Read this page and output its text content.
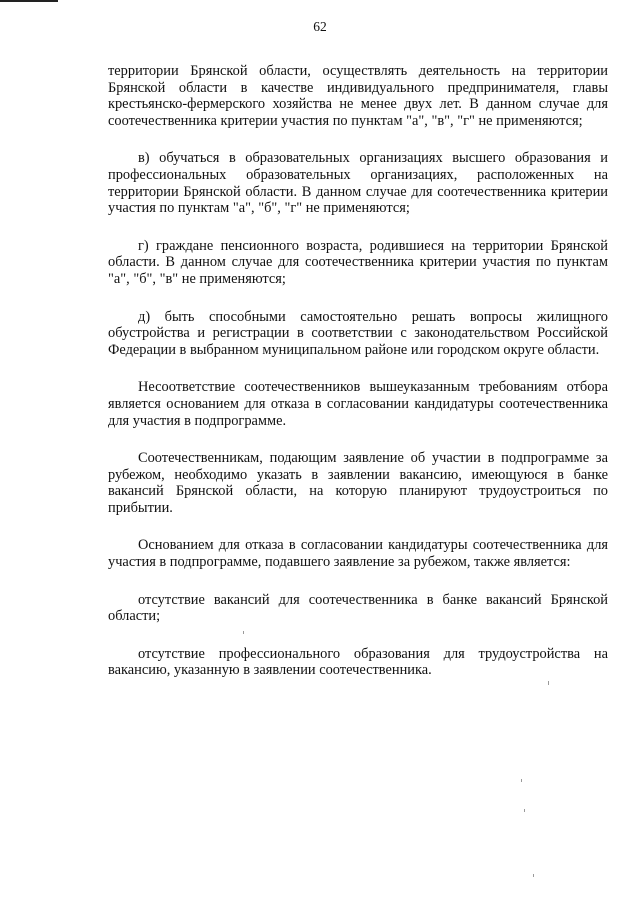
62

территории Брянской области, осуществлять деятельность на территории Брянской области в качестве индивидуального предпринимателя, главы крестьянско-фермерского хозяйства не менее двух лет. В данном случае для соотечественника критерии участия по пунктам "а", "в", "г" не применяются;

в) обучаться в образовательных организациях высшего образования и профессиональных образовательных организациях, расположенных на территории Брянской области. В данном случае для соотечественника критерии участия по пунктам "а", "б", "г" не применяются;

г) граждане пенсионного возраста, родившиеся на территории Брянской области. В данном случае для соотечественника критерии участия по пунктам "а", "б", "в" не применяются;

д) быть способными самостоятельно решать вопросы жилищного обустройства и регистрации в соответствии с законодательством Российской Федерации в выбранном муниципальном районе или городском округе области.

Несоответствие соотечественников вышеуказанным требованиям отбора является основанием для отказа в согласовании кандидатуры соотечественника для участия в подпрограмме.

Соотечественникам, подающим заявление об участии в подпрограмме за рубежом, необходимо указать в заявлении вакансию, имеющуюся в банке вакансий Брянской области, на которую планируют трудоустроиться по прибытии.

Основанием для отказа в согласовании кандидатуры соотечественника для участия в подпрограмме, подавшего заявление за рубежом, также является:

отсутствие вакансий для соотечественника в банке вакансий Брянской области;

отсутствие профессионального образования для трудоустройства на вакансию, указанную в заявлении соотечественника.
